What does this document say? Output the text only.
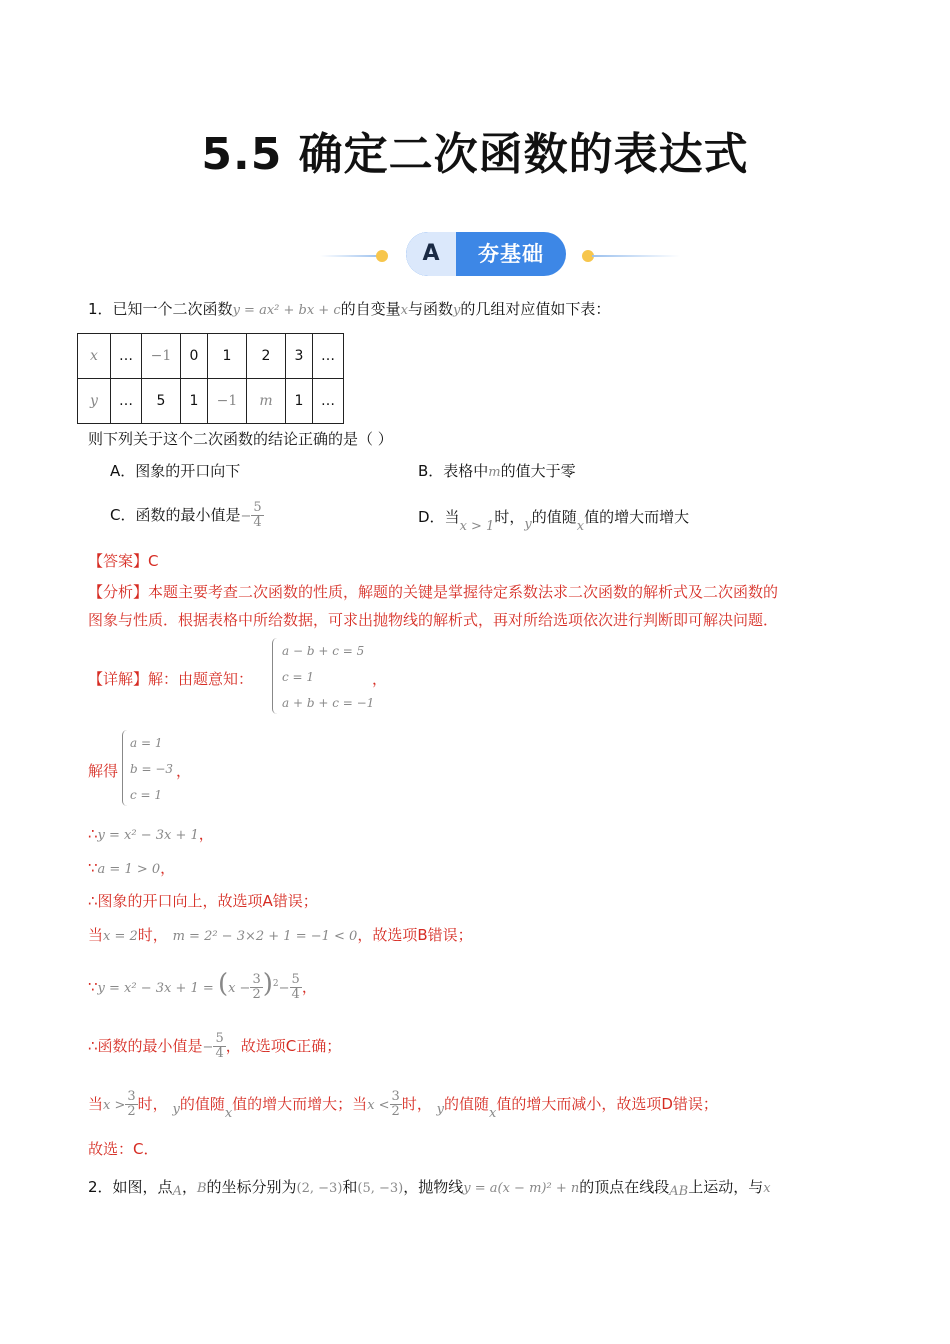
5.5 确定二次函数的表达式
A	夯基础
1．已知一个二次函数y = ax² + bx + c的自变量x与函数y的几组对应值如下表：
x	…	−1	0	1	2	3	…
y	…	5	1	−1	m	1	…
则下列关于这个二次函数的结论正确的是（ ）
A．图象的开口向下	B．表格中m的值大于零
C．函数的最小值是− $\frac{5}{4}$	D．当x > 1时，y的值随x值的增大而增大
【答案】C
【分析】本题主要考查二次函数的性质，解题的关键是掌握待定系数法求二次函数的解析式及二次函数的
图象与性质．根据表格中所给数据，可求出抛物线的解析式，再对所给选项依次进行判断即可解决问题．
【详解】解：由题意知：
a − b + c = 5
c = 1
a + b + c = −1
，
解得
a = 1
b = −3
c = 1
，
∴y = x² − 3x + 1，
∵a = 1 > 0，
∴图象的开口向上，故选项A错误；
当x = 2时， m = 2² − 3×2 + 1 = −1 < 0，故选项B错误；
∵y = $x^2 - 3x + 1 = (x - \frac{3}{2} )^2- \frac{5}{4}$ ，
∴函数的最小值是− $\frac{5}{4}$ ，故选项C正确；
当$x > \frac{3}{2}$ 时， y的值随x值的增大而增大；当$x < \frac{3}{2}$ 时， y的值随x值的增大而减小，故选项D错误；
故选：C．
2．如图，点A，B的坐标分别为(2, −3)和(5, −3)，抛物线y = a(x − m)² + n的顶点在线段AB上运动，与x
